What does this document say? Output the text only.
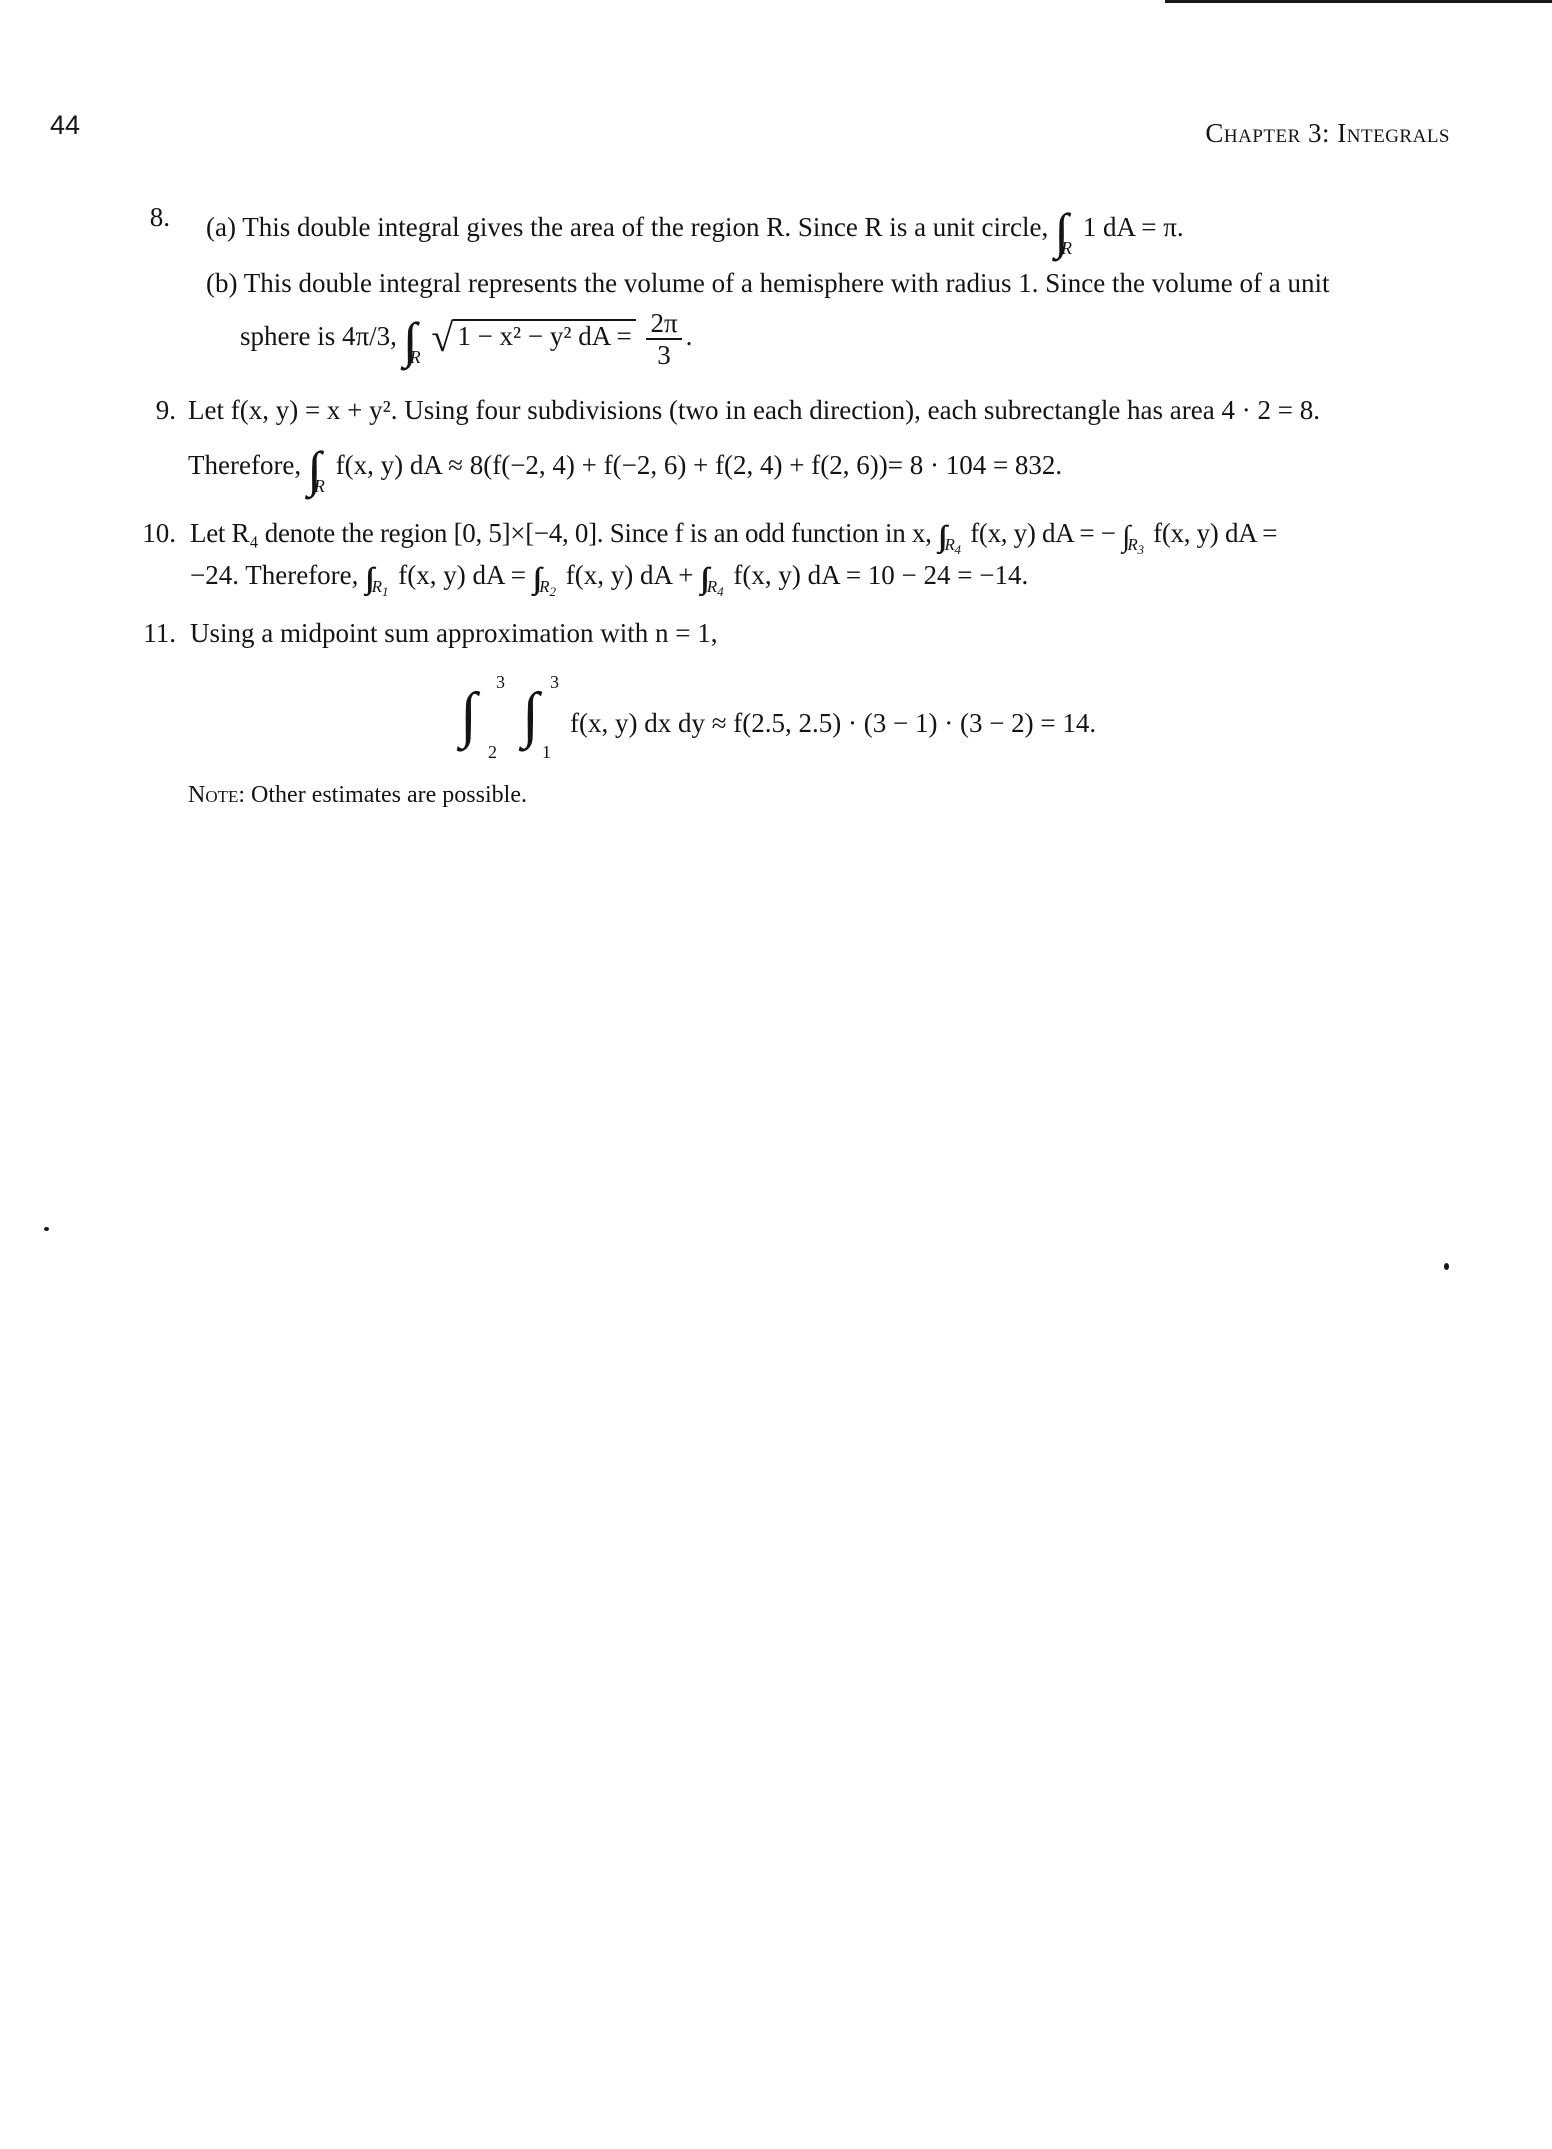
44	Chapter 3: Integrals
8. (a) This double integral gives the area of the region R. Since R is a unit circle, $_R$ 1 dA = π.
(b) This double integral represents the volume of a hemisphere with radius 1. Since the volume of a unit
sphere is 4π/3, $_R$ √ 1 − x² − y² dA = $\frac{2\pi}{3}$ .
9. Let f(x, y) = x + y². Using four subdivisions (two in each direction), each subrectangle has area 4 · 2 = 8.
Therefore, $_R$ f(x, y) dA ≈ 8(f(−2, 4) + f(−2, 6) + f(2, 4) + f(2, 6))= 8 · 104 = 832.
10. Let R₄ denote the region [0, 5]×[−4, 0]. Since f is an odd function in x, ∫∫ $_{R_4}$ f(x, y) dA = − ∫ $_{R_3}$ f(x, y) dA =
−24. Therefore, ∫∫ $_{R_1}$ f(x, y) dA = ∫∫ $_{R_2}$ f(x, y) dA + ∫∫ $_{R_4}$ f(x, y) dA = 10 − 24 = −14.
11. Using a midpoint sum approximation with n = 1,
∫ 3
2
∫ 3
1
f(x, y) dx dy ≈ f(2.5, 2.5) · (3 − 1) · (3 − 2) = 14.
Note: Other estimates are possible.
